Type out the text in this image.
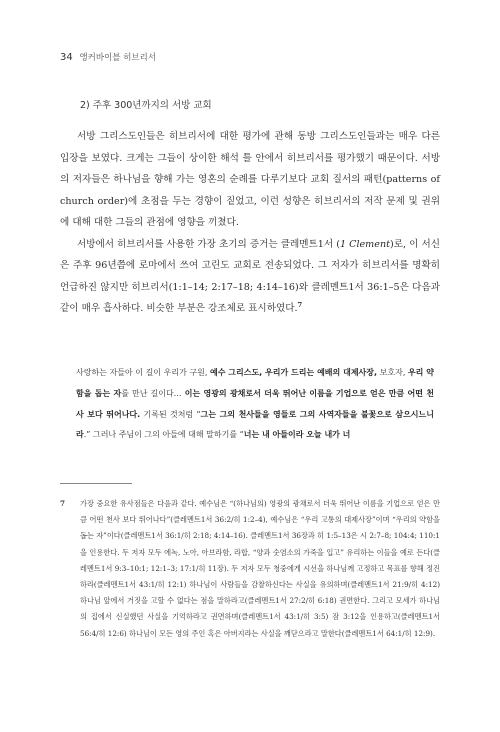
34 앵커바이블 히브리서
2) 주후 300년까지의 서방 교회

서방 그리스도인들은 히브리서에 대한 평가에 관해 동방 그리스도인들과는 매우 다른 입장을 보였다. 크게는 그들이 상이한 해석 틀 안에서 히브리서를 평가했기 때문이다. 서방의 저자들은 하나님을 향해 가는 영혼의 순례를 다루기보다 교회 질서의 패턴(patterns of church order)에 초점을 두는 경향이 짙었고, 이런 성향은 히브리서의 저작 문제 및 권위에 대해 대한 그들의 관점에 영향을 끼쳤다.

서방에서 히브리서를 사용한 가장 초기의 증거는 클레멘트1서 (1 Clement)로, 이 서신은 주후 96년쯤에 로마에서 쓰여 고린도 교회로 전송되었다. 그 저자가 히브리서를 명확히 언급하진 않지만 히브리서(1:1–14; 2:17–18; 4:14–16)와 클레멘트1서 36:1–5은 다음과 같이 매우 흡사하다. 비슷한 부분은 강조체로 표시하였다.$^7$

사랑하는 자들아 이 길이 우리가 구원, 예수 그리스도, 우리가 드리는 예배의 대제사장, 보호자, 우리 약함을 돕는 자를 만난 길이다… 이는 영광의 광채로서 더욱 뛰어난 이름을 기업으로 얻은 만큼 어떤 천사 보다 뛰어나다. 기록된 것처럼 “그는 그의 천사들을 영들로 그의 사역자들을 불꽃으로 삼으시느니라.” 그러나 주님이 그의 아들에 대해 말하기를 “너는 내 아들이라 오늘 내가 너
7 가장 중요한 유사점들은 다음과 같다. 예수님은 “(하나님의) 영광의 광채로서 더욱 뛰어난 이름을 기업으로 얻은 만큼 어떤 천사 보다 뛰어나다”(클레멘트1서 36:2/히 1:2–4), 예수님은 “우리 고통의 대제사장”이며 “우리의 약함을 돕는 자”이다(클레멘트1서 36:1/히 2:18; 4:14–16). 클레멘트1서 36장과 히 1:5–13은 시 2:7–8; 104:4; 110:1을 인용한다. 두 저자 모두 에녹, 노아, 아브라함, 라합, “양과 숫염소의 가죽을 입고” 유리하는 이들을 예로 든다(클레멘트1서 9:3–10:1; 12:1–3; 17:1/히 11장). 두 저자 모두 청중에게 시선을 하나님께 고정하고 목표를 향해 정진하라(클레멘트1서 43:1/히 12:1) 하나님이 사람들을 감찰하신다는 사실을 유의하며(클레멘트1서 21:9/히 4:12) 하나님 앞에서 거짓을 고할 수 없다는 점을 말하라고(클레멘트1서 27:2/히 6:18) 권면한다. 그리고 모세가 하나님의 집에서 신실했던 사실을 기억하라고 권면하며(클레멘트1서 43:1/히 3:5) 잠 3:12을 인용하고(클레멘트1서 56:4/히 12:6) 하나님이 모든 영의 주인 혹은 아버지라는 사실을 깨닫으라고 말한다(클레멘트1서 64:1/히 12:9).
